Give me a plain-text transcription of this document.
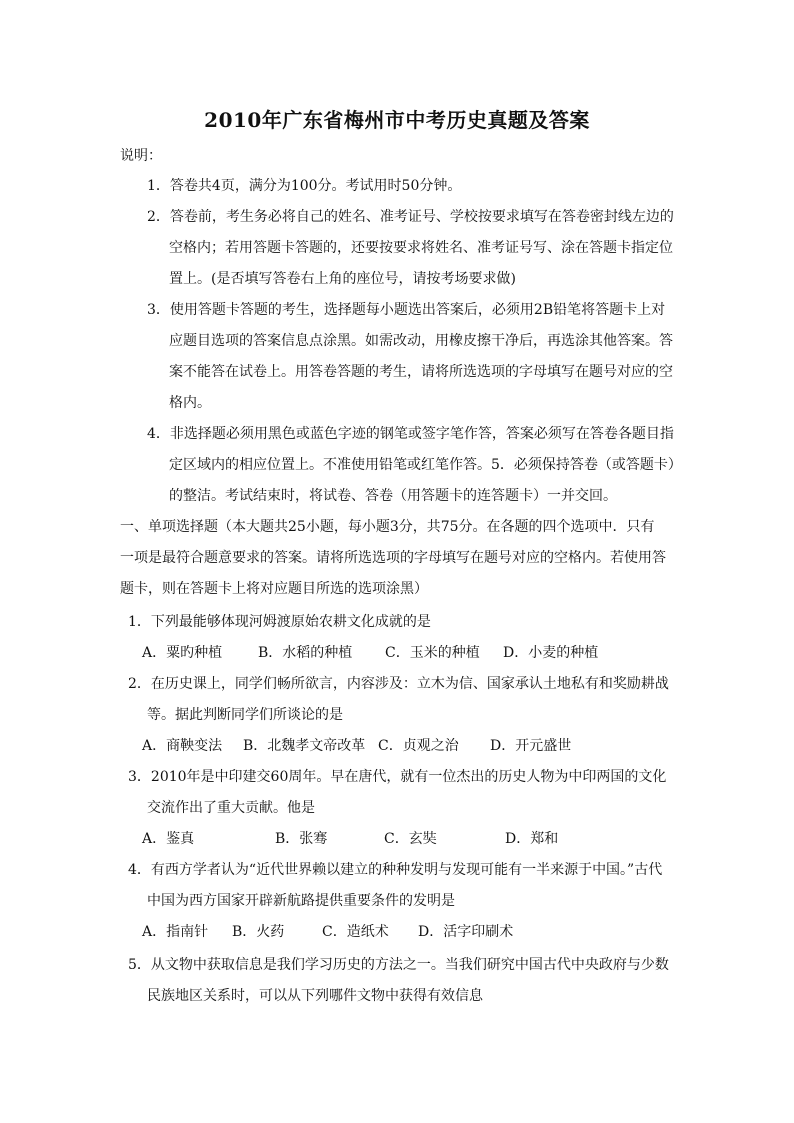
2010年广东省梅州市中考历史真题及答案
说明：
1．答卷共4页，满分为100分。考试用时50分钟。
2．答卷前，考生务必将自己的姓名、准考证号、学校按要求填写在答卷密封线左边的
空格内；若用答题卡答题的，还要按要求将姓名、准考证号写、涂在答题卡指定位
置上。(是否填写答卷右上角的座位号，请按考场要求做)
3．使用答题卡答题的考生，选择题每小题选出答案后，必须用2B铅笔将答题卡上对
应题目选项的答案信息点涂黑。如需改动，用橡皮擦干净后，再选涂其他答案。答
案不能答在试卷上。用答卷答题的考生，请将所选选项的字母填写在题号对应的空
格内。
4．非选择题必须用黑色或蓝色字迹的钢笔或签字笔作答，答案必须写在答卷各题目指
定区域内的相应位置上。不准使用铅笔或红笔作答。5．必须保持答卷（或答题卡）
的整洁。考试结束时，将试卷、答卷（用答题卡的连答题卡）一并交回。
一、单项选择题（本大题共25小题，每小题3分，共75分。在各题的四个选项中．只有
一项是最符合题意要求的答案。请将所选选项的字母填写在题号对应的空格内。若使用答
题卡，则在答题卡上将对应题目所选的选项涂黑）
1．下列最能够体现河姆渡原始农耕文化成就的是
A．粟旳种植	B．水稻的种植 C．玉米的种植 D．小麦的种植
2．在历史课上，同学们畅所欲言，内容涉及：立木为信、国家承认土地私有和奖励耕战
等。据此判断同学们所谈论的是
A．商鞅变法 B．北魏孝文帝改革 C．贞观之治 D．开元盛世
3．2010年是中印建交60周年。早在唐代，就有一位杰出的历史人物为中印两国的文化
交流作出了重大贡献。他是
A．鉴真	B．张骞	C．玄奘	D．郑和
4．有西方学者认为“近代世界赖以建立的种种发明与发现可能有一半来源于中国。”古代
中国为西方国家开辟新航路提供重要条件的发明是
A．指南针 B．火药	C．造纸术 D．活字印刷术
5．从文物中获取信息是我们学习历史的方法之一。当我们研究中国古代中央政府与少数
民族地区关系时，可以从下列哪件文物中获得有效信息
